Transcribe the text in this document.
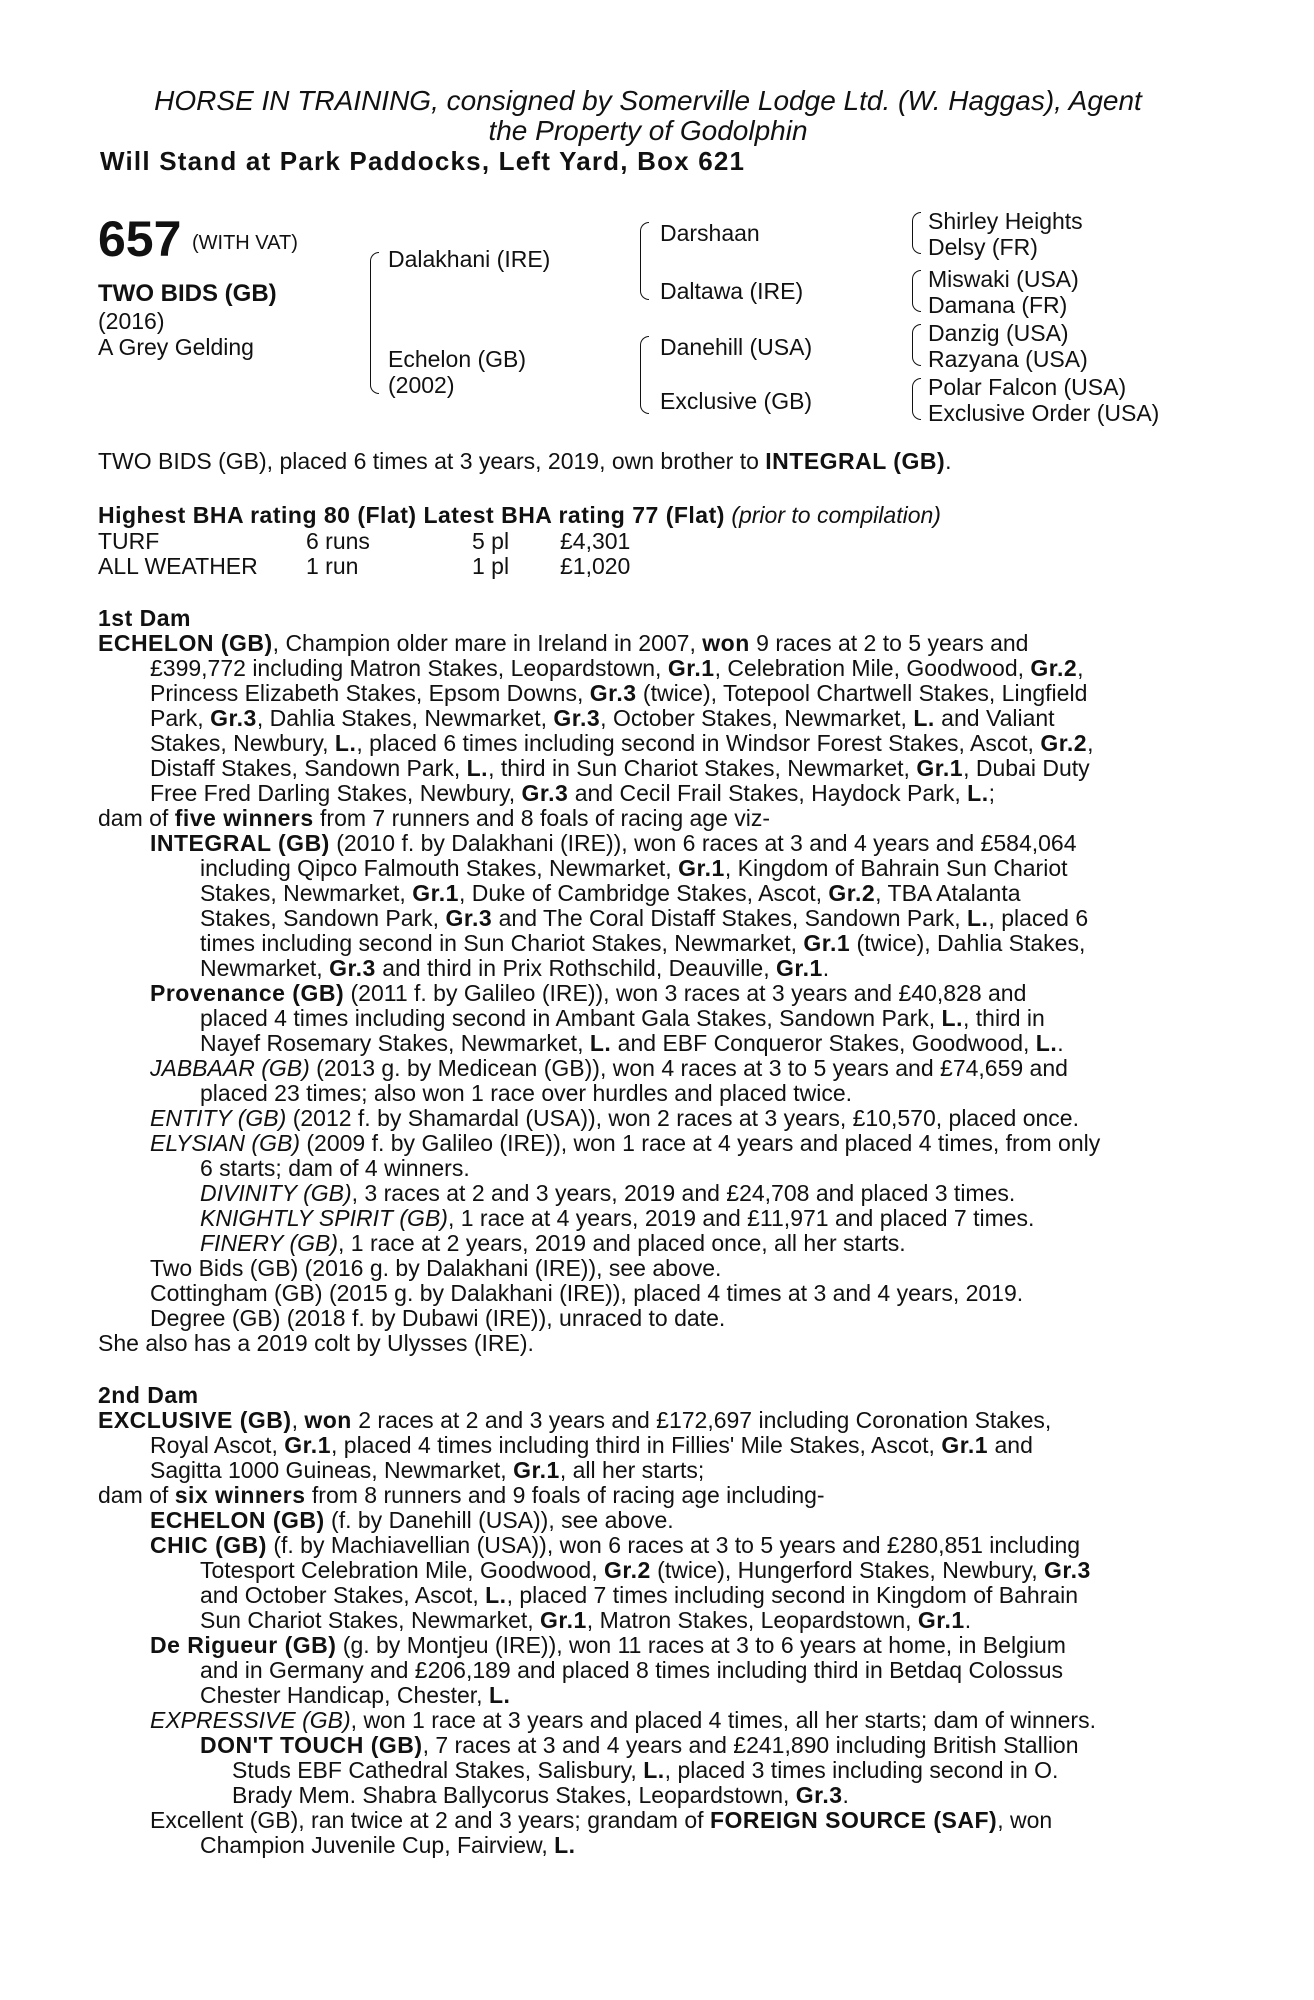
HORSE IN TRAINING, consigned by Somerville Lodge Ltd. (W. Haggas), Agent
the Property of Godolphin
Will Stand at Park Paddocks, Left Yard, Box 621
657 (WITH VAT)
TWO BIDS (GB)
(2016)
A Grey Gelding
Dalakhani (IRE)
Echelon (GB)
(2002)
Darshaan
Daltawa (IRE)
Danehill (USA)
Exclusive (GB)
Shirley Heights
Delsy (FR)
Miswaki (USA)
Damana (FR)
Danzig (USA)
Razyana (USA)
Polar Falcon (USA)
Exclusive Order (USA)
TWO BIDS (GB), placed 6 times at 3 years, 2019, own brother to INTEGRAL (GB).
Highest BHA rating 80 (Flat) Latest BHA rating 77 (Flat) (prior to compilation)
TURF	6 runs	5 pl £4,301
ALL WEATHER 1 run	1 pl £1,020
1st Dam
ECHELON (GB), Champion older mare in Ireland in 2007, won 9 races at 2 to 5 years and
£399,772 including Matron Stakes, Leopardstown, Gr.1, Celebration Mile, Goodwood, Gr.2,
Princess Elizabeth Stakes, Epsom Downs, Gr.3 (twice), Totepool Chartwell Stakes, Lingfield
Park, Gr.3, Dahlia Stakes, Newmarket, Gr.3, October Stakes, Newmarket, L. and Valiant
Stakes, Newbury, L., placed 6 times including second in Windsor Forest Stakes, Ascot, Gr.2,
Distaff Stakes, Sandown Park, L., third in Sun Chariot Stakes, Newmarket, Gr.1, Dubai Duty
Free Fred Darling Stakes, Newbury, Gr.3 and Cecil Frail Stakes, Haydock Park, L.;
dam of five winners from 7 runners and 8 foals of racing age viz-
INTEGRAL (GB) (2010 f. by Dalakhani (IRE)), won 6 races at 3 and 4 years and £584,064
including Qipco Falmouth Stakes, Newmarket, Gr.1, Kingdom of Bahrain Sun Chariot
Stakes, Newmarket, Gr.1, Duke of Cambridge Stakes, Ascot, Gr.2, TBA Atalanta
Stakes, Sandown Park, Gr.3 and The Coral Distaff Stakes, Sandown Park, L., placed 6
times including second in Sun Chariot Stakes, Newmarket, Gr.1 (twice), Dahlia Stakes,
Newmarket, Gr.3 and third in Prix Rothschild, Deauville, Gr.1.
Provenance (GB) (2011 f. by Galileo (IRE)), won 3 races at 3 years and £40,828 and
placed 4 times including second in Ambant Gala Stakes, Sandown Park, L., third in
Nayef Rosemary Stakes, Newmarket, L. and EBF Conqueror Stakes, Goodwood, L..
JABBAAR (GB) (2013 g. by Medicean (GB)), won 4 races at 3 to 5 years and £74,659 and
placed 23 times; also won 1 race over hurdles and placed twice.
ENTITY (GB) (2012 f. by Shamardal (USA)), won 2 races at 3 years, £10,570, placed once.
ELYSIAN (GB) (2009 f. by Galileo (IRE)), won 1 race at 4 years and placed 4 times, from only
6 starts; dam of 4 winners.
DIVINITY (GB), 3 races at 2 and 3 years, 2019 and £24,708 and placed 3 times.
KNIGHTLY SPIRIT (GB), 1 race at 4 years, 2019 and £11,971 and placed 7 times.
FINERY (GB), 1 race at 2 years, 2019 and placed once, all her starts.
Two Bids (GB) (2016 g. by Dalakhani (IRE)), see above.
Cottingham (GB) (2015 g. by Dalakhani (IRE)), placed 4 times at 3 and 4 years, 2019.
Degree (GB) (2018 f. by Dubawi (IRE)), unraced to date.
She also has a 2019 colt by Ulysses (IRE).
2nd Dam
EXCLUSIVE (GB), won 2 races at 2 and 3 years and £172,697 including Coronation Stakes,
Royal Ascot, Gr.1, placed 4 times including third in Fillies' Mile Stakes, Ascot, Gr.1 and
Sagitta 1000 Guineas, Newmarket, Gr.1, all her starts;
dam of six winners from 8 runners and 9 foals of racing age including-
ECHELON (GB) (f. by Danehill (USA)), see above.
CHIC (GB) (f. by Machiavellian (USA)), won 6 races at 3 to 5 years and £280,851 including
Totesport Celebration Mile, Goodwood, Gr.2 (twice), Hungerford Stakes, Newbury, Gr.3
and October Stakes, Ascot, L., placed 7 times including second in Kingdom of Bahrain
Sun Chariot Stakes, Newmarket, Gr.1, Matron Stakes, Leopardstown, Gr.1.
De Rigueur (GB) (g. by Montjeu (IRE)), won 11 races at 3 to 6 years at home, in Belgium
and in Germany and £206,189 and placed 8 times including third in Betdaq Colossus
Chester Handicap, Chester, L.
EXPRESSIVE (GB), won 1 race at 3 years and placed 4 times, all her starts; dam of winners.
DON'T TOUCH (GB), 7 races at 3 and 4 years and £241,890 including British Stallion
Studs EBF Cathedral Stakes, Salisbury, L., placed 3 times including second in O.
Brady Mem. Shabra Ballycorus Stakes, Leopardstown, Gr.3.
Excellent (GB), ran twice at 2 and 3 years; grandam of FOREIGN SOURCE (SAF), won
Champion Juvenile Cup, Fairview, L.
